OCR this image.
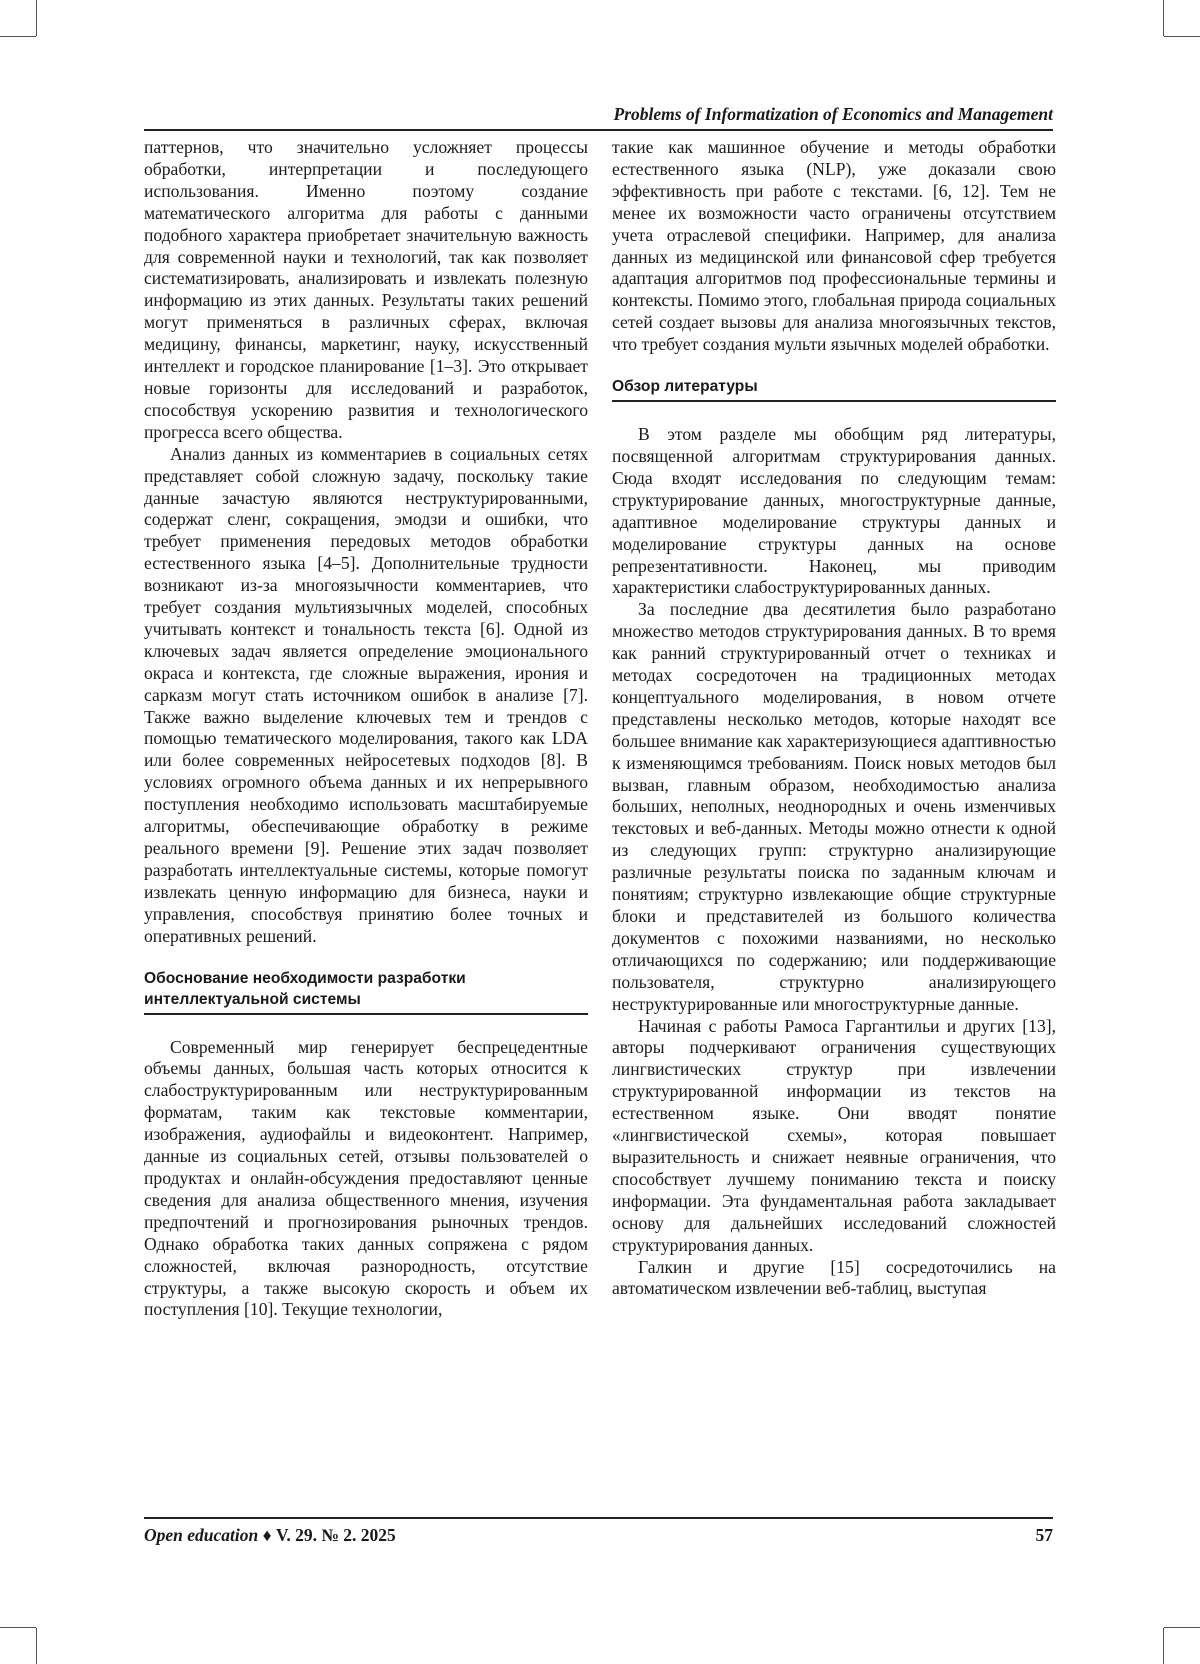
Problems of Informatization of Economics and Management

паттернов, что значительно усложняет процессы обработки, интерпретации и последующего использования. Именно поэтому создание математического алгоритма для работы с данными подобного характера приобретает значительную важность для современной науки и технологий, так как позволяет систематизировать, анализировать и извлекать полезную информацию из этих данных. Результаты таких решений могут применяться в различных сферах, включая медицину, финансы, маркетинг, науку, искусственный интеллект и городское планирование [1–3]. Это открывает новые горизонты для исследований и разработок, способствуя ускорению развития и технологического прогресса всего общества.

Анализ данных из комментариев в социальных сетях представляет собой сложную задачу, поскольку такие данные зачастую являются неструктурированными, содержат сленг, сокращения, эмодзи и ошибки, что требует применения передовых методов обработки естественного языка [4–5]. Дополнительные трудности возникают из-за многоязычности комментариев, что требует создания мультиязычных моделей, способных учитывать контекст и тональность текста [6]. Одной из ключевых задач является определение эмоционального окраса и контекста, где сложные выражения, ирония и сарказм могут стать источником ошибок в анализе [7]. Также важно выделение ключевых тем и трендов с помощью тематического моделирования, такого как LDA или более современных нейросетевых подходов [8]. В условиях огромного объема данных и их непрерывного поступления необходимо использовать масштабируемые алгоритмы, обеспечивающие обработку в режиме реального времени [9]. Решение этих задач позволяет разработать интеллектуальные системы, которые помогут извлекать ценную информацию для бизнеса, науки и управления, способствуя принятию более точных и оперативных решений.

Обоснование необходимости разработки интеллектуальной системы

Современный мир генерирует беспрецедентные объемы данных, большая часть которых относится к слабоструктурированным или неструктурированным форматам, таким как текстовые комментарии, изображения, аудиофайлы и видеоконтент. Например, данные из социальных сетей, отзывы пользователей о продуктах и онлайн-обсуждения предоставляют ценные сведения для анализа общественного мнения, изучения предпочтений и прогнозирования рыночных трендов. Однако обработка таких данных сопряжена с рядом сложностей, включая разнородность, отсутствие структуры, а также высокую скорость и объем их поступления [10]. Текущие технологии,

такие как машинное обучение и методы обработки естественного языка (NLP), уже доказали свою эффективность при работе с текстами. [6, 12]. Тем не менее их возможности часто ограничены отсутствием учета отраслевой специфики. Например, для анализа данных из медицинской или финансовой сфер требуется адаптация алгоритмов под профессиональные термины и контексты. Помимо этого, глобальная природа социальных сетей создает вызовы для анализа многоязычных текстов, что требует создания мульти язычных моделей обработки.

Обзор литературы

В этом разделе мы обобщим ряд литературы, посвященной алгоритмам структурирования данных. Сюда входят исследования по следующим темам: структурирование данных, многоструктурные данные, адаптивное моделирование структуры данных и моделирование структуры данных на основе репрезентативности. Наконец, мы приводим характеристики слабоструктурированных данных.

За последние два десятилетия было разработано множество методов структурирования данных. В то время как ранний структурированный отчет о техниках и методах сосредоточен на традиционных методах концептуального моделирования, в новом отчете представлены несколько методов, которые находят все большее внимание как характеризующиеся адаптивностью к изменяющимся требованиям. Поиск новых методов был вызван, главным образом, необходимостью анализа больших, неполных, неоднородных и очень изменчивых текстовых и веб-данных. Методы можно отнести к одной из следующих групп: структурно анализирующие различные результаты поиска по заданным ключам и понятиям; структурно извлекающие общие структурные блоки и представителей из большого количества документов с похожими названиями, но несколько отличающихся по содержанию; или поддерживающие пользователя, структурно анализирующего неструктурированные или многоструктурные данные.

Начиная с работы Рамоса Гаргантильи и других [13], авторы подчеркивают ограничения существующих лингвистических структур при извлечении структурированной информации из текстов на естественном языке. Они вводят понятие «лингвистической схемы», которая повышает выразительность и снижает неявные ограничения, что способствует лучшему пониманию текста и поиску информации. Эта фундаментальная работа закладывает основу для дальнейших исследований сложностей структурирования данных.

Галкин и другие [15] сосредоточились на автоматическом извлечении веб-таблиц, выступая

Open education ♦ V. 29. № 2. 2025	57
